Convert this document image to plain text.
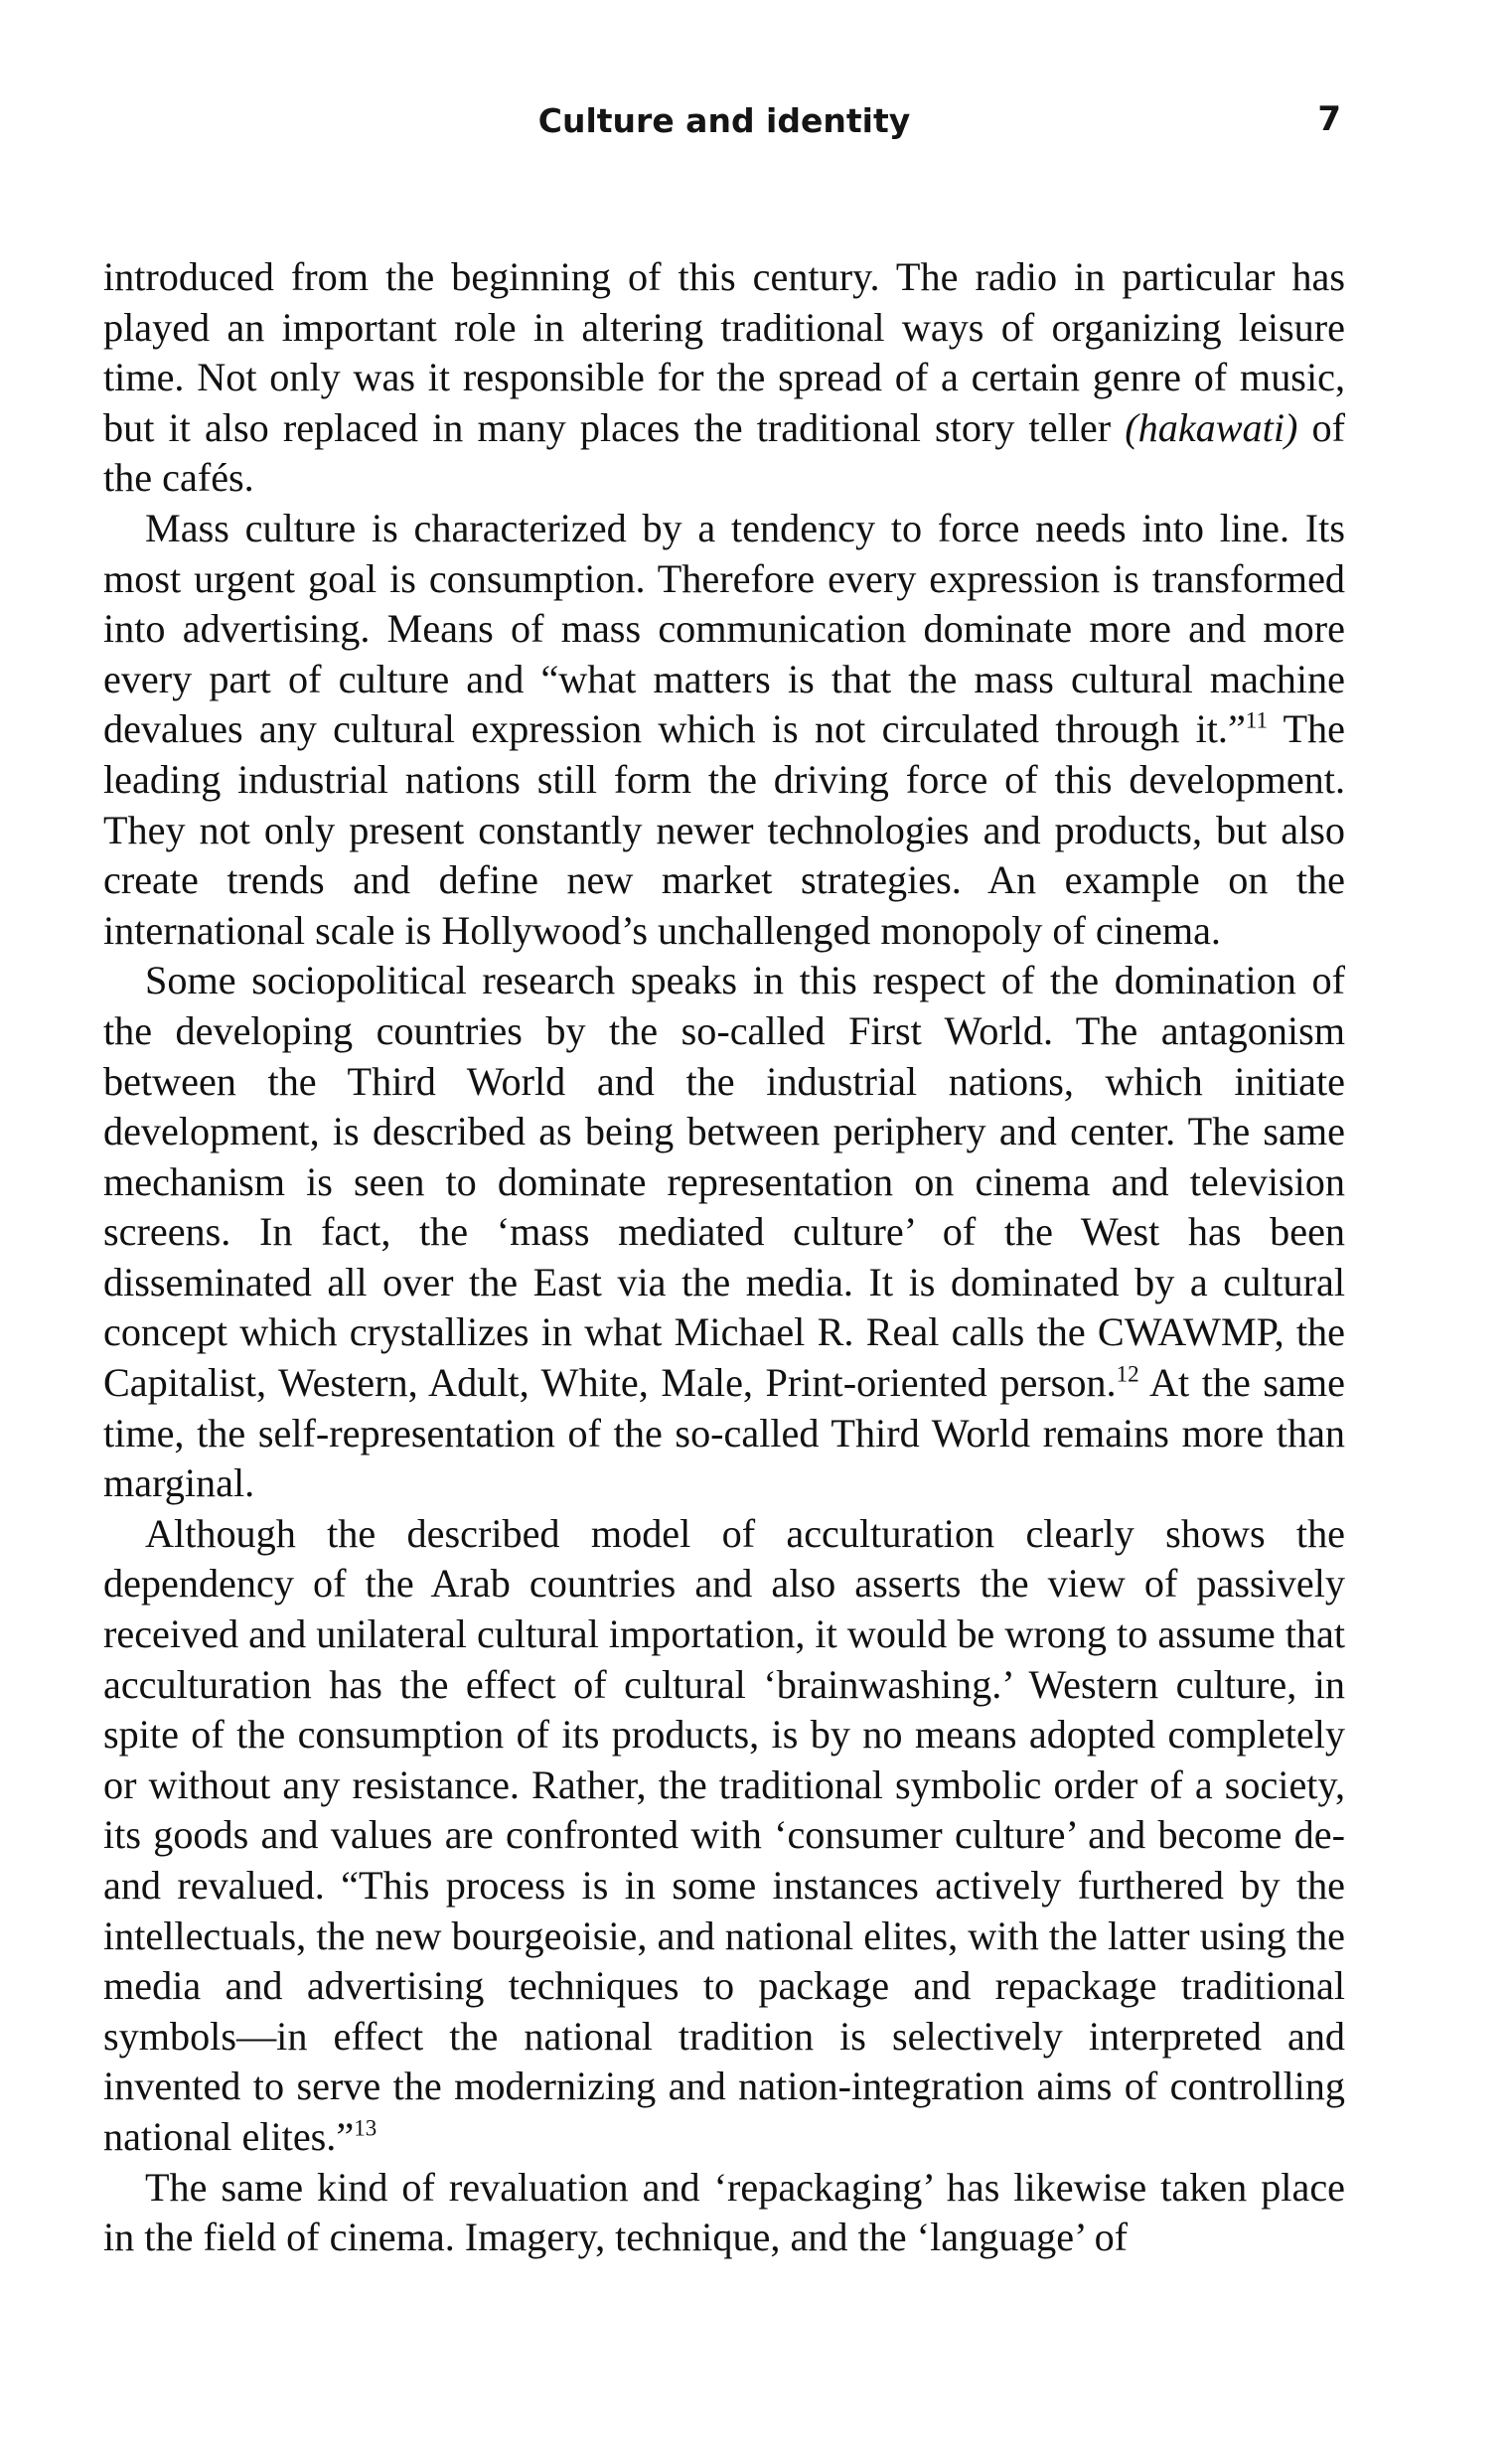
Culture and identity	7

introduced from the beginning of this century. The radio in particular has played an important role in altering traditional ways of organizing leisure time. Not only was it responsible for the spread of a certain genre of music, but it also replaced in many places the traditional story teller (hakawati) of the cafés.

Mass culture is characterized by a tendency to force needs into line. Its most urgent goal is consumption. Therefore every expression is transformed into advertising. Means of mass communication dominate more and more every part of culture and “what matters is that the mass cultural machine devalues any cultural expression which is not circulated through it.”$^{11}$ The leading industrial nations still form the driving force of this development. They not only present constantly newer technologies and products, but also create trends and define new market strategies. An example on the international scale is Hollywood’s unchallenged monopoly of cinema.

Some sociopolitical research speaks in this respect of the domination of the developing countries by the so-called First World. The antagonism between the Third World and the industrial nations, which initiate development, is described as being between periphery and center. The same mechanism is seen to dominate representation on cinema and television screens. In fact, the ‘mass mediated culture’ of the West has been disseminated all over the East via the media. It is dominated by a cultural concept which crystallizes in what Michael R. Real calls the CWAWMP, the Capitalist, Western, Adult, White, Male, Print-oriented person.$^{12}$ At the same time, the self-representation of the so-called Third World remains more than marginal.

Although the described model of acculturation clearly shows the dependency of the Arab countries and also asserts the view of passively received and unilateral cultural importation, it would be wrong to assume that acculturation has the effect of cultural ‘brainwashing.’ Western culture, in spite of the consumption of its products, is by no means adopted completely or without any resistance. Rather, the traditional symbolic order of a society, its goods and values are confronted with ‘consumer culture’ and become de- and revalued. “This process is in some instances actively furthered by the intellectuals, the new bourgeoisie, and national elites, with the latter using the media and advertising techniques to package and repackage traditional symbols—in effect the national tradition is selectively interpreted and invented to serve the modernizing and nation-integration aims of controlling national elites.”$^{13}$

The same kind of revaluation and ‘repackaging’ has likewise taken place in the field of cinema. Imagery, technique, and the ‘language’ of
